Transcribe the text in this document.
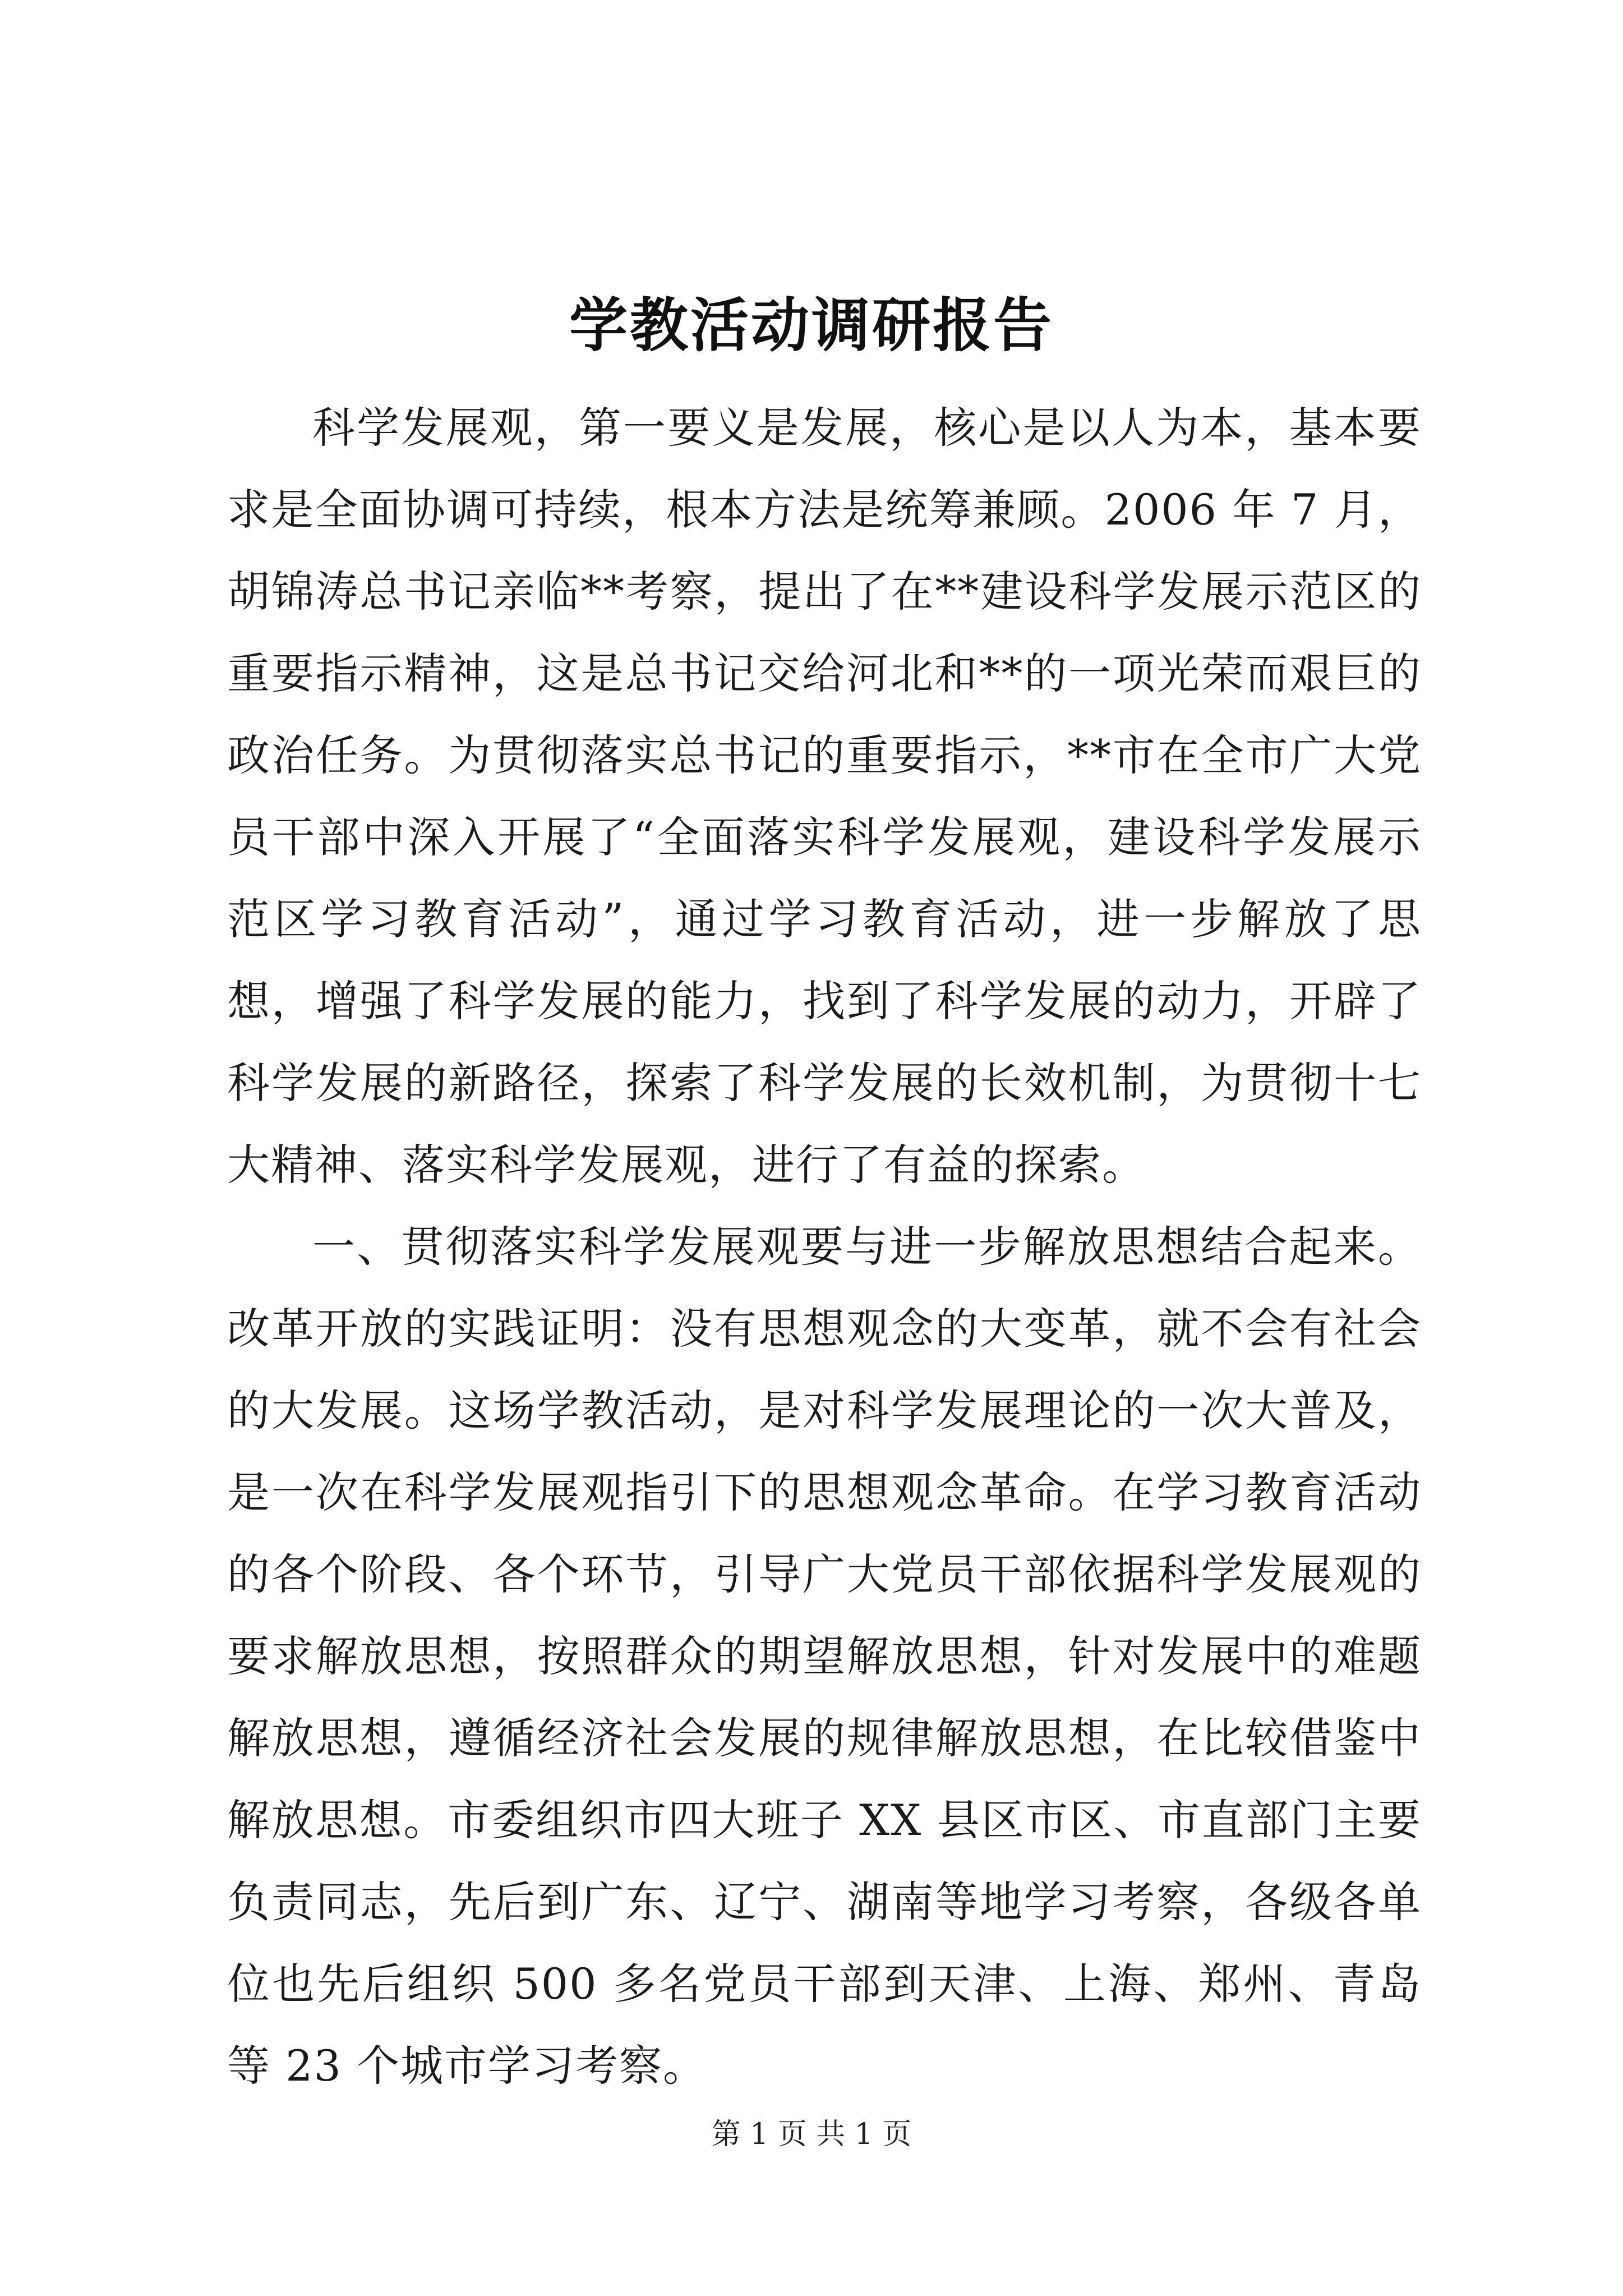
学教活动调研报告

科学发展观，第一要义是发展，核心是以人为本，基本要求是全面协调可持续，根本方法是统筹兼顾。2006 年 7 月，胡锦涛总书记亲临**考察，提出了在**建设科学发展示范区的重要指示精神，这是总书记交给河北和**的一项光荣而艰巨的政治任务。为贯彻落实总书记的重要指示，**市在全市广大党员干部中深入开展了“全面落实科学发展观，建设科学发展示范区学习教育活动”，通过学习教育活动，进一步解放了思想，增强了科学发展的能力，找到了科学发展的动力，开辟了科学发展的新路径，探索了科学发展的长效机制，为贯彻十七大精神、落实科学发展观，进行了有益的探索。

一、贯彻落实科学发展观要与进一步解放思想结合起来。改革开放的实践证明：没有思想观念的大变革，就不会有社会的大发展。这场学教活动，是对科学发展理论的一次大普及，是一次在科学发展观指引下的思想观念革命。在学习教育活动的各个阶段、各个环节，引导广大党员干部依据科学发展观的要求解放思想，按照群众的期望解放思想，针对发展中的难题解放思想，遵循经济社会发展的规律解放思想，在比较借鉴中解放思想。市委组织市四大班子 XX 县区市区、市直部门主要负责同志，先后到广东、辽宁、湖南等地学习考察，各级各单位也先后组织 500 多名党员干部到天津、上海、郑州、青岛等 23 个城市学习考察。

第 1 页 共 1 页
